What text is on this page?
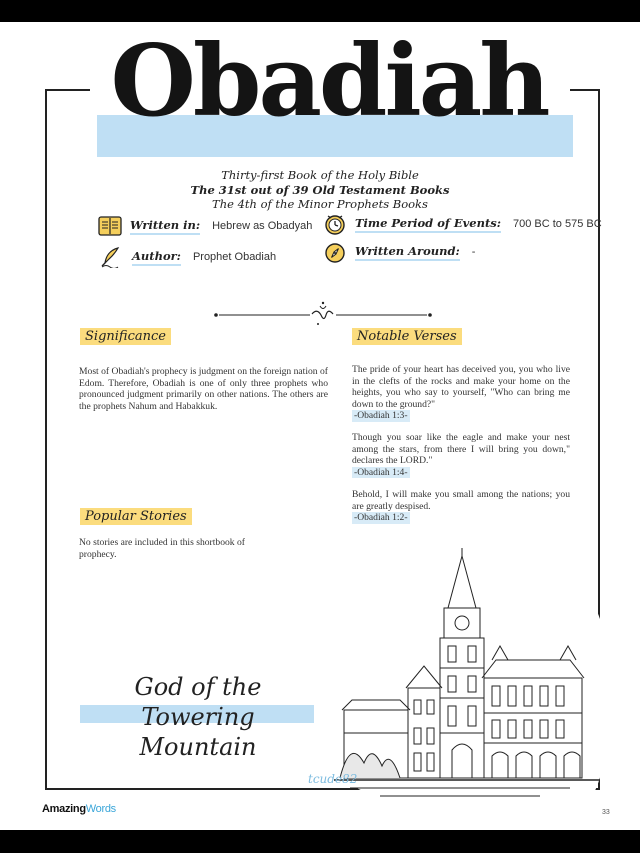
Obadiah
Thirty-first Book of the Holy Bible
The 31st out of 39 Old Testament Books
The 4th of the Minor Prophets Books
Written in: Hebrew as Obadyah
Author: Prophet Obadiah
Time Period of Events: 700 BC to 575 BC
Written Around: -
Significance
Most of Obadiah's prophecy is judgment on the foreign nation of Edom. Therefore, Obadiah is one of only three prophets who pronounced judgment primarily on other nations. The others are the prophets Nahum and Habakkuk.
Popular Stories
No stories are included in this shortbook of prophecy.
Notable Verses
The pride of your heart has deceived you, you who live in the clefts of the rocks and make your home on the heights, you who say to yourself, "Who can bring me down to the ground?"
-Obadiah 1:3-
Though you soar like the eagle and make your nest among the stars, from there I will bring you down," declares the LORD."
-Obadiah 1:4-
Behold, I will make you small among the nations; you are greatly despised.
-Obadiah 1:2-
God of the
Towering Mountain
tcude82
AmazingWords	33
